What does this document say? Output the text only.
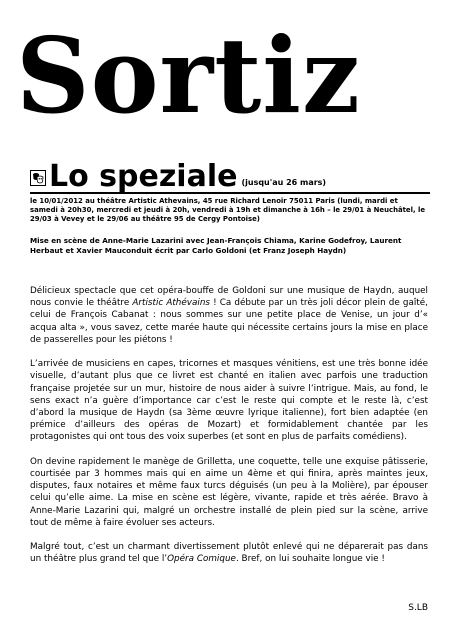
Sortiz
Lo speziale (jusqu'au 26 mars)
le 10/01/2012 au théâtre Artistic Athevains, 45 rue Richard Lenoir 75011 Paris (lundi, mardi et samedi à 20h30, mercredi et jeudi à 20h, vendredi à 19h et dimanche à 16h – le 29/01 à Neuchâtel, le 29/03 à Vevey et le 29/06 au théâtre 95 de Cergy Pontoise)
Mise en scène de Anne-Marie Lazarini avec Jean-François Chiama, Karine Godefroy, Laurent Herbaut et Xavier Mauconduit écrit par Carlo Goldoni (et Franz Joseph Haydn)

Délicieux spectacle que cet opéra-bouffe de Goldoni sur une musique de Haydn, auquel nous convie le théâtre Artistic Athévains ! Ca débute par un très joli décor plein de gaîté, celui de François Cabanat : nous sommes sur une petite place de Venise, un jour d’« acqua alta », vous savez, cette marée haute qui nécessite certains jours la mise en place de passerelles pour les piétons !

L’arrivée de musiciens en capes, tricornes et masques vénitiens, est une très bonne idée visuelle, d’autant plus que ce livret est chanté en italien avec parfois une traduction française projetée sur un mur, histoire de nous aider à suivre l’intrigue. Mais, au fond, le sens exact n’a guère d’importance car c’est le reste qui compte et le reste là, c’est d’abord la musique de Haydn (sa 3ème œuvre lyrique italienne), fort bien adaptée (en prémice d’ailleurs des opéras de Mozart) et formidablement chantée par les protagonistes qui ont tous des voix superbes (et sont en plus de parfaits comédiens).

On devine rapidement le manège de Grilletta, une coquette, telle une exquise pâtisserie, courtisée par 3 hommes mais qui en aime un 4ème et qui finira, après maintes jeux, disputes, faux notaires et même faux turcs déguisés (un peu à la Molière), par épouser celui qu’elle aime. La mise en scène est légère, vivante, rapide et très aérée. Bravo à Anne-Marie Lazarini qui, malgré un orchestre installé de plein pied sur la scène, arrive tout de même à faire évoluer ses acteurs.

Malgré tout, c’est un charmant divertissement plutôt enlevé qui ne déparerait pas dans un théâtre plus grand tel que l’Opéra Comique. Bref, on lui souhaite longue vie !

S.LB
